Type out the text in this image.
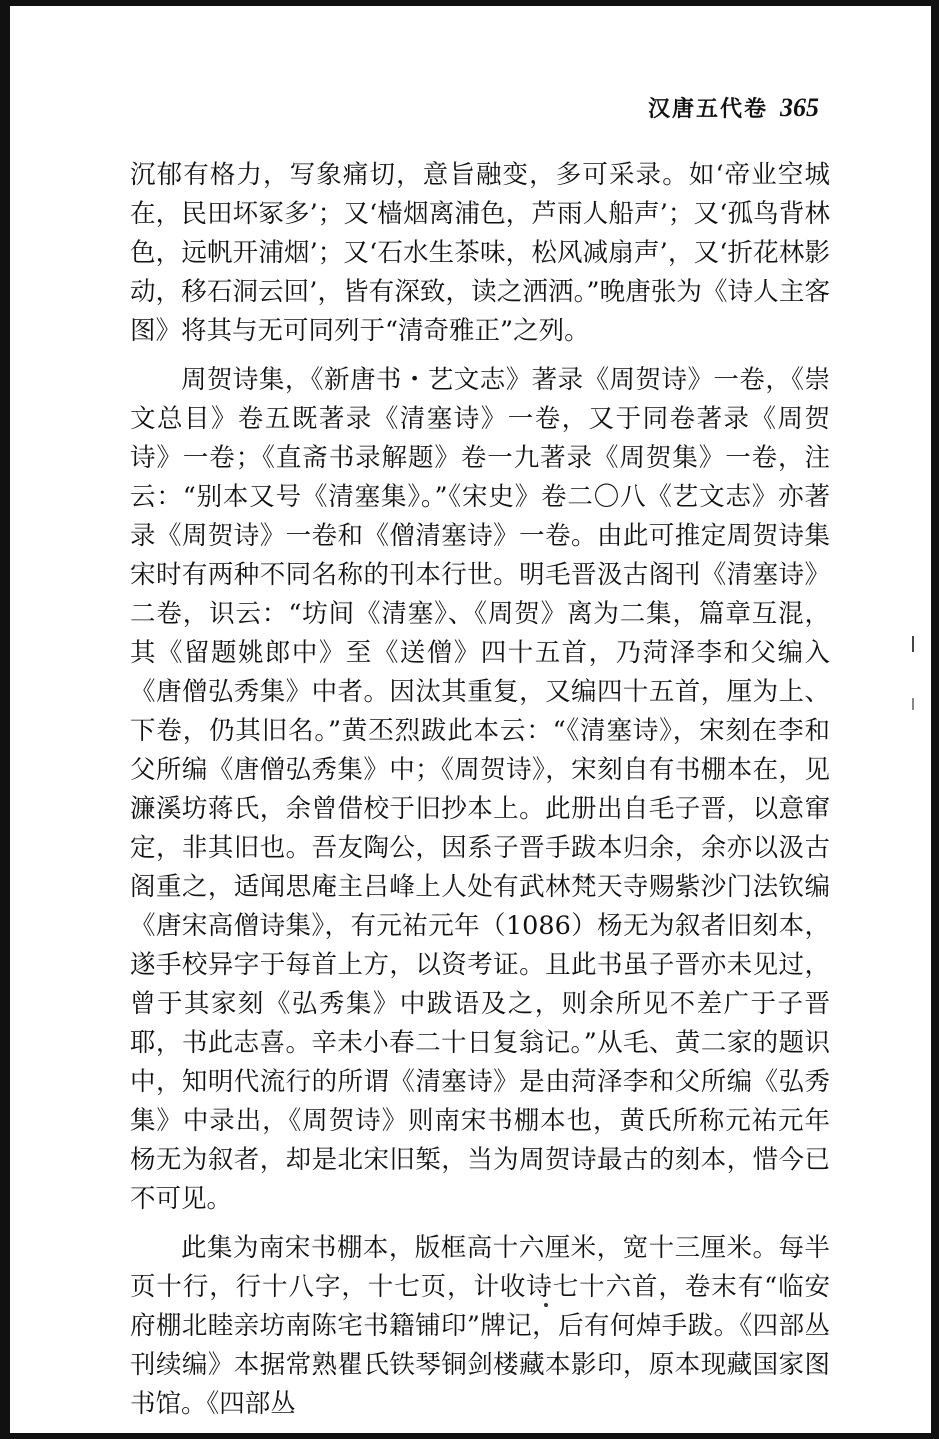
汉唐五代卷 365

沉郁有格力，写象痛切，意旨融变，多可采录。如‘帝业空城在，民田坏冢多’；又‘樯烟离浦色，芦雨人船声’；又‘孤鸟背林色，远帆开浦烟’；又‘石水生茶味，松风减扇声’，又‘折花林影动，移石洞云回’，皆有深致，读之洒洒。”晚唐张为《诗人主客图》将其与无可同列于“清奇雅正”之列。

周贺诗集，《新唐书・艺文志》著录《周贺诗》一卷，《崇文总目》卷五既著录《清塞诗》一卷，又于同卷著录《周贺诗》一卷；《直斋书录解题》卷一九著录《周贺集》一卷，注云：“别本又号《清塞集》。”《宋史》卷二〇八《艺文志》亦著录《周贺诗》一卷和《僧清塞诗》一卷。由此可推定周贺诗集宋时有两种不同名称的刊本行世。明毛晋汲古阁刊《清塞诗》二卷，识云：“坊间《清塞》、《周贺》离为二集，篇章互混，其《留题姚郎中》至《送僧》四十五首，乃菏泽李和父编入《唐僧弘秀集》中者。因汰其重复，又编四十五首，厘为上、下卷，仍其旧名。”黄丕烈跋此本云：“《清塞诗》，宋刻在李和父所编《唐僧弘秀集》中；《周贺诗》，宋刻自有书棚本在，见濂溪坊蒋氏，余曾借校于旧抄本上。此册出自毛子晋，以意窜定，非其旧也。吾友陶公，因系子晋手跋本归余，余亦以汲古阁重之，适闻思庵主吕峰上人处有武林梵天寺赐紫沙门法钦编《唐宋高僧诗集》，有元祐元年（1086）杨无为叙者旧刻本，遂手校异字于每首上方，以资考证。且此书虽子晋亦未见过，曾于其家刻《弘秀集》中跋语及之，则余所见不差广于子晋耶，书此志喜。辛未小春二十日复翁记。”从毛、黄二家的题识中，知明代流行的所谓《清塞诗》是由菏泽李和父所编《弘秀集》中录出，《周贺诗》则南宋书棚本也，黄氏所称元祐元年杨无为叙者，却是北宋旧椠，当为周贺诗最古的刻本，惜今已不可见。

此集为南宋书棚本，版框高十六厘米，宽十三厘米。每半页十行，行十八字，十七页，计收诗七十六首，卷末有“临安府棚北睦亲坊南陈宅书籍铺印”牌记，后有何焯手跋。《四部丛刊续编》本据常熟瞿氏铁琴铜剑楼藏本影印，原本现藏国家图书馆。《四部丛
